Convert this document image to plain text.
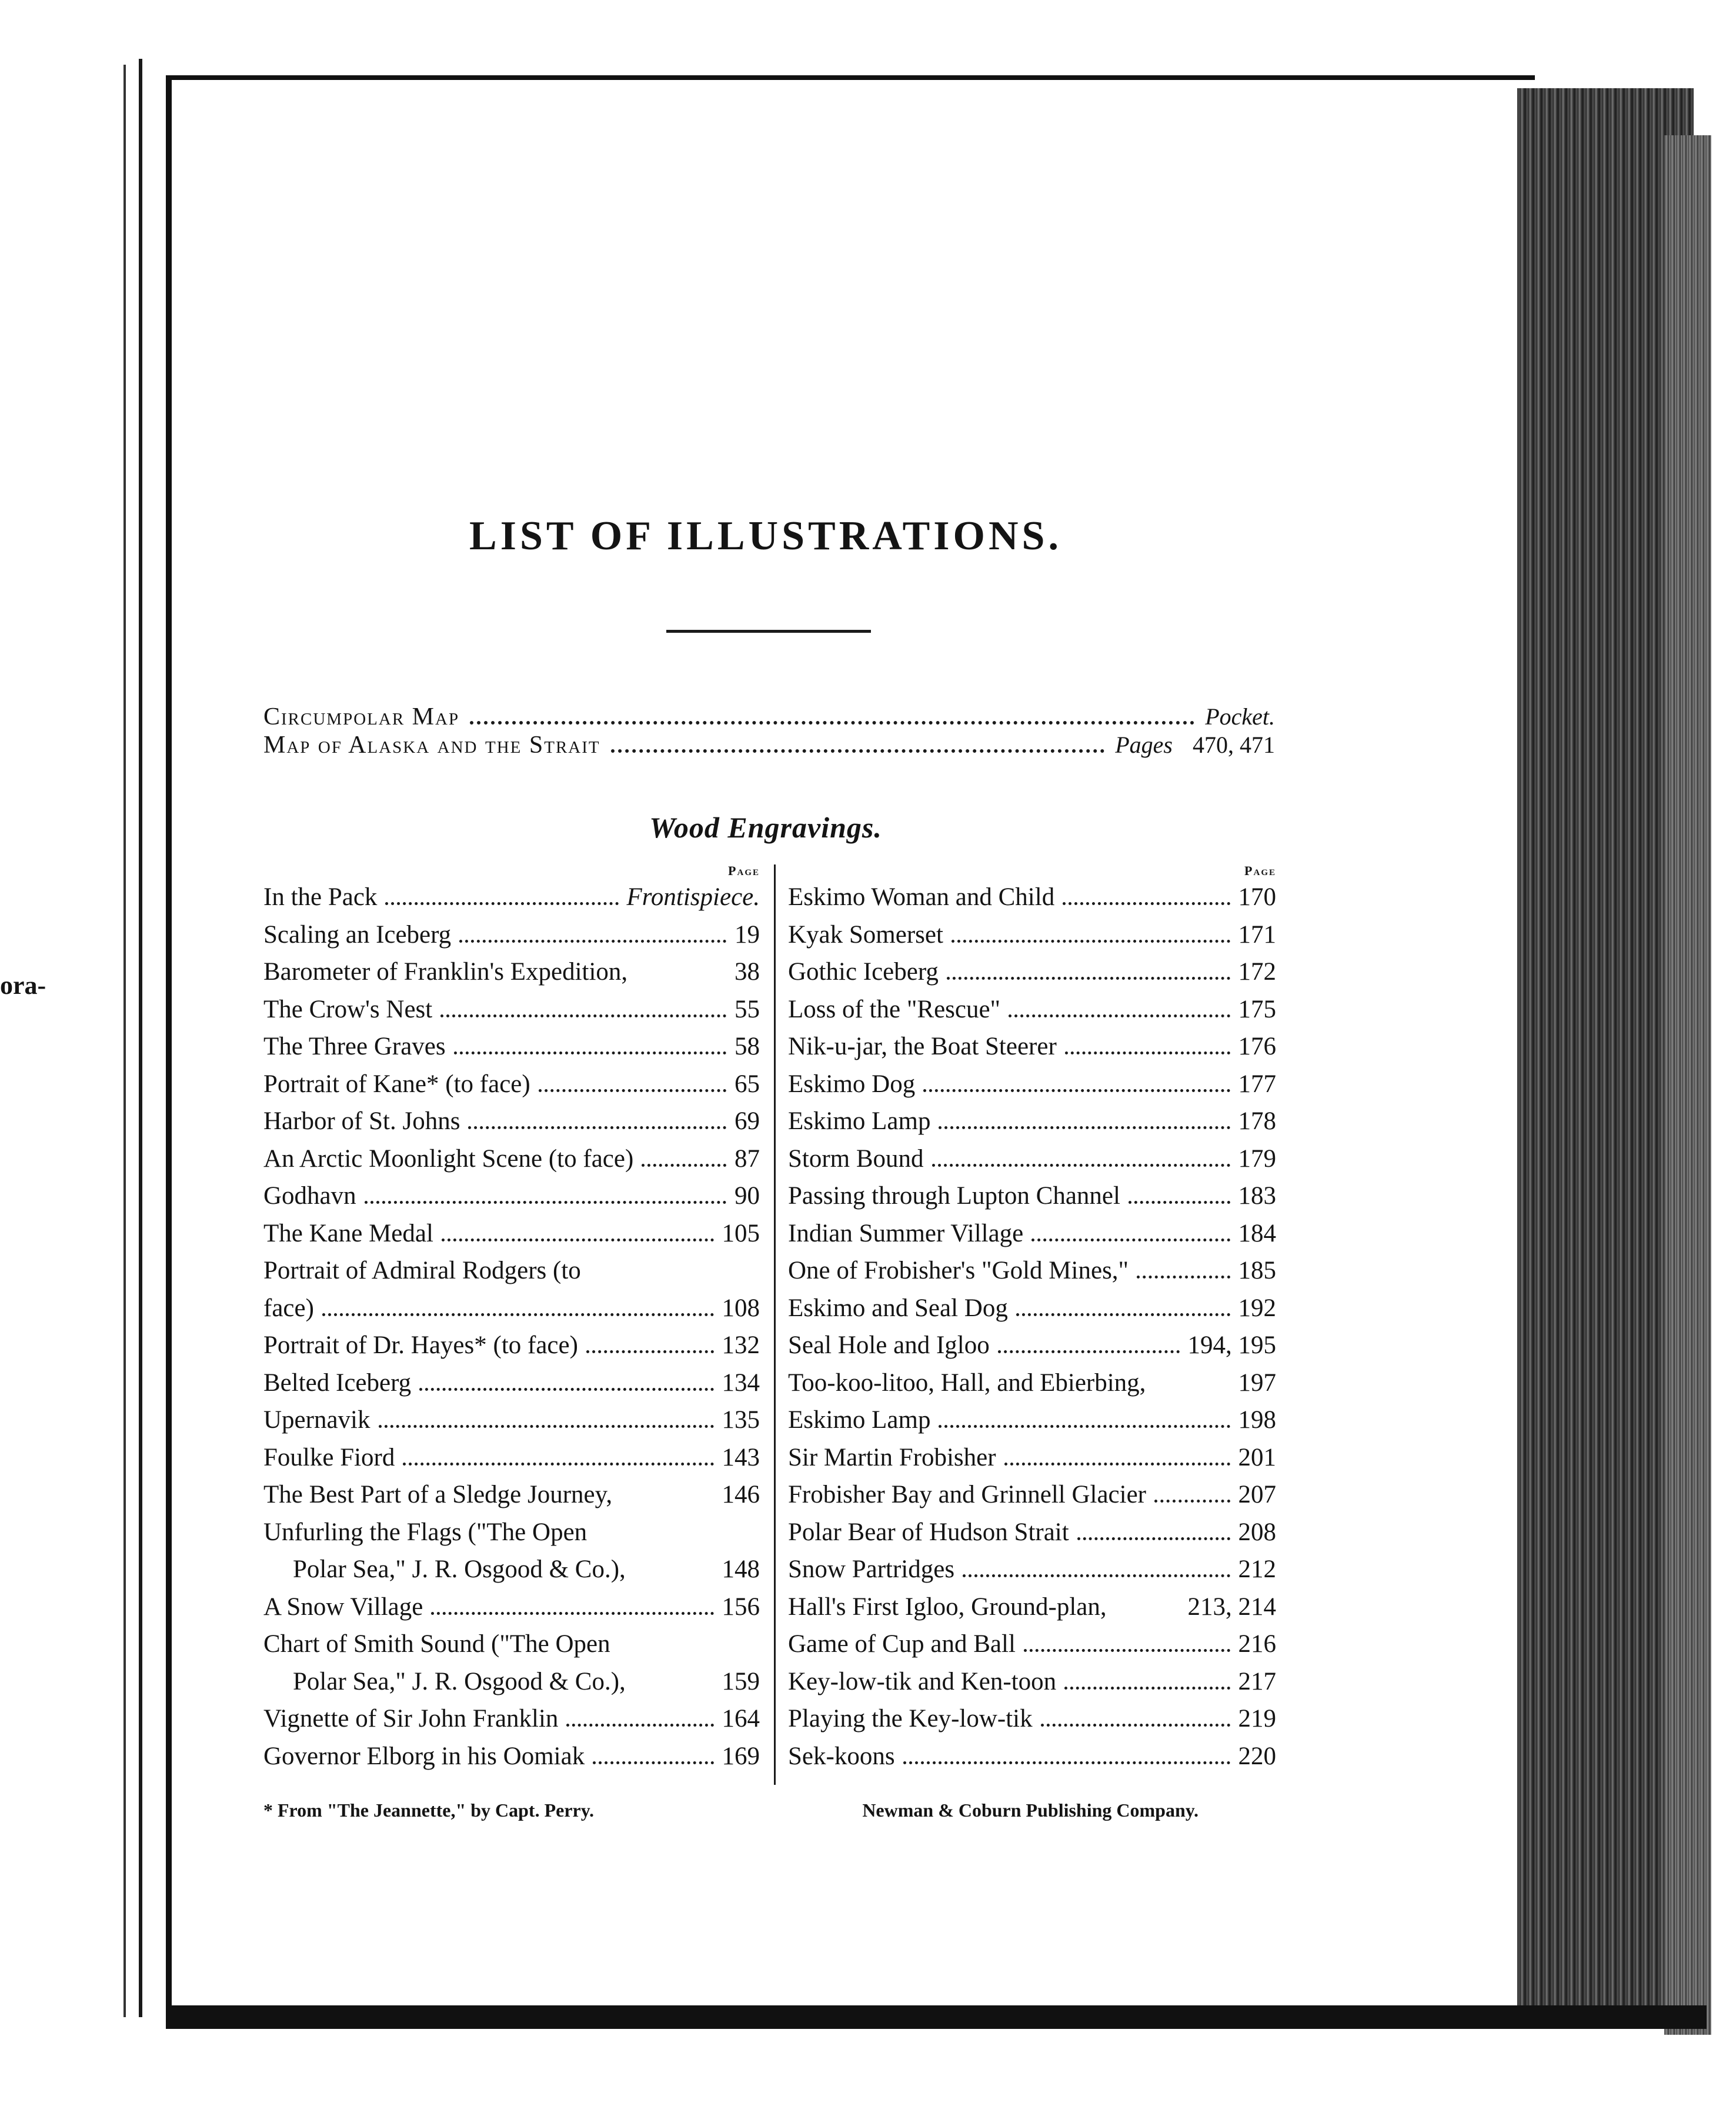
ora-
LIST OF ILLUSTRATIONS.
Circumpolar Map	Pocket.
Map of Alaska and the Strait	Pages 470, 471
Wood Engravings.
Page
In the Pack	Frontispiece.
Scaling an Iceberg	19
Barometer of Franklin's Expedition,	38
The Crow's Nest	55
The Three Graves	58
Portrait of Kane* (to face)	65
Harbor of St. Johns	69
An Arctic Moonlight Scene (to face)	87
Godhavn	90
The Kane Medal	105
Portrait of Admiral Rodgers (to
face)	108
Portrait of Dr. Hayes* (to face)	132
Belted Iceberg	134
Upernavik	135
Foulke Fiord	143
The Best Part of a Sledge Journey,	146
Unfurling the Flags ("The Open
Polar Sea," J. R. Osgood & Co.),	148
A Snow Village	156
Chart of Smith Sound ("The Open
Polar Sea," J. R. Osgood & Co.),	159
Vignette of Sir John Franklin	164
Governor Elborg in his Oomiak	169
Page
Eskimo Woman and Child	170
Kyak Somerset	171
Gothic Iceberg	172
Loss of the "Rescue"	175
Nik-u-jar, the Boat Steerer	176
Eskimo Dog	177
Eskimo Lamp	178
Storm Bound	179
Passing through Lupton Channel	183
Indian Summer Village	184
One of Frobisher's "Gold Mines,"	185
Eskimo and Seal Dog	192
Seal Hole and Igloo	194, 195
Too-koo-litoo, Hall, and Ebierbing,	197
Eskimo Lamp	198
Sir Martin Frobisher	201
Frobisher Bay and Grinnell Glacier	207
Polar Bear of Hudson Strait	208
Snow Partridges	212
Hall's First Igloo, Ground-plan,	213, 214
Game of Cup and Ball	216
Key-low-tik and Ken-toon	217
Playing the Key-low-tik	219
Sek-koons	220
* From "The Jeannette," by Capt. Perry.	Newman & Coburn Publishing Company.
